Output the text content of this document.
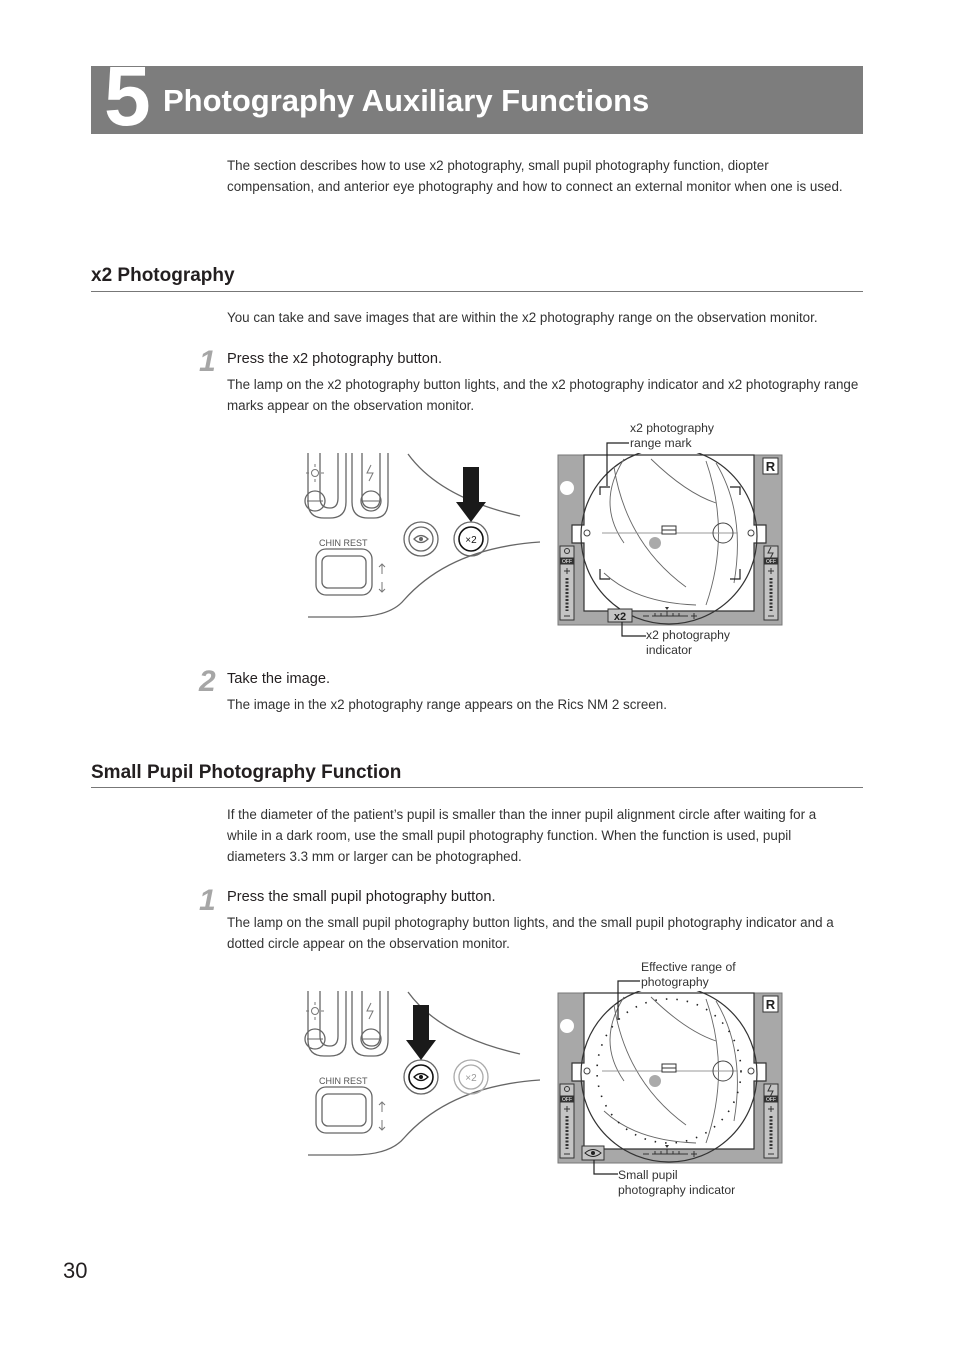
5 Photography Auxiliary Functions
The section describes how to use x2 photography, small pupil photography function, diopter compensation, and anterior eye photography and how to connect an external monitor when one is used.
x2 Photography
You can take and save images that are within the x2 photography range on the observation monitor.
1 Press the x2 photography button.
The lamp on the x2 photography button lights, and the x2 photography indicator and x2 photography range marks appear on the observation monitor.
CHIN REST	×2
R
OFF	OFF
x2
x2 photography
range mark
x2 photography
indicator
2 Take the image.
The image in the x2 photography range appears on the Rics NM 2 screen.
Small Pupil Photography Function
If the diameter of the patient’s pupil is smaller than the inner pupil alignment circle after waiting for a while in a dark room, use the small pupil photography function. When the function is used, pupil diameters 3.3 mm or larger can be photographed.
1 Press the small pupil photography button.
The lamp on the small pupil photography button lights, and the small pupil photography indicator and a dotted circle appear on the observation monitor.
CHIN REST	×2
R
OFF	OFF
Effective range of
photography
Small pupil
photography indicator
30
